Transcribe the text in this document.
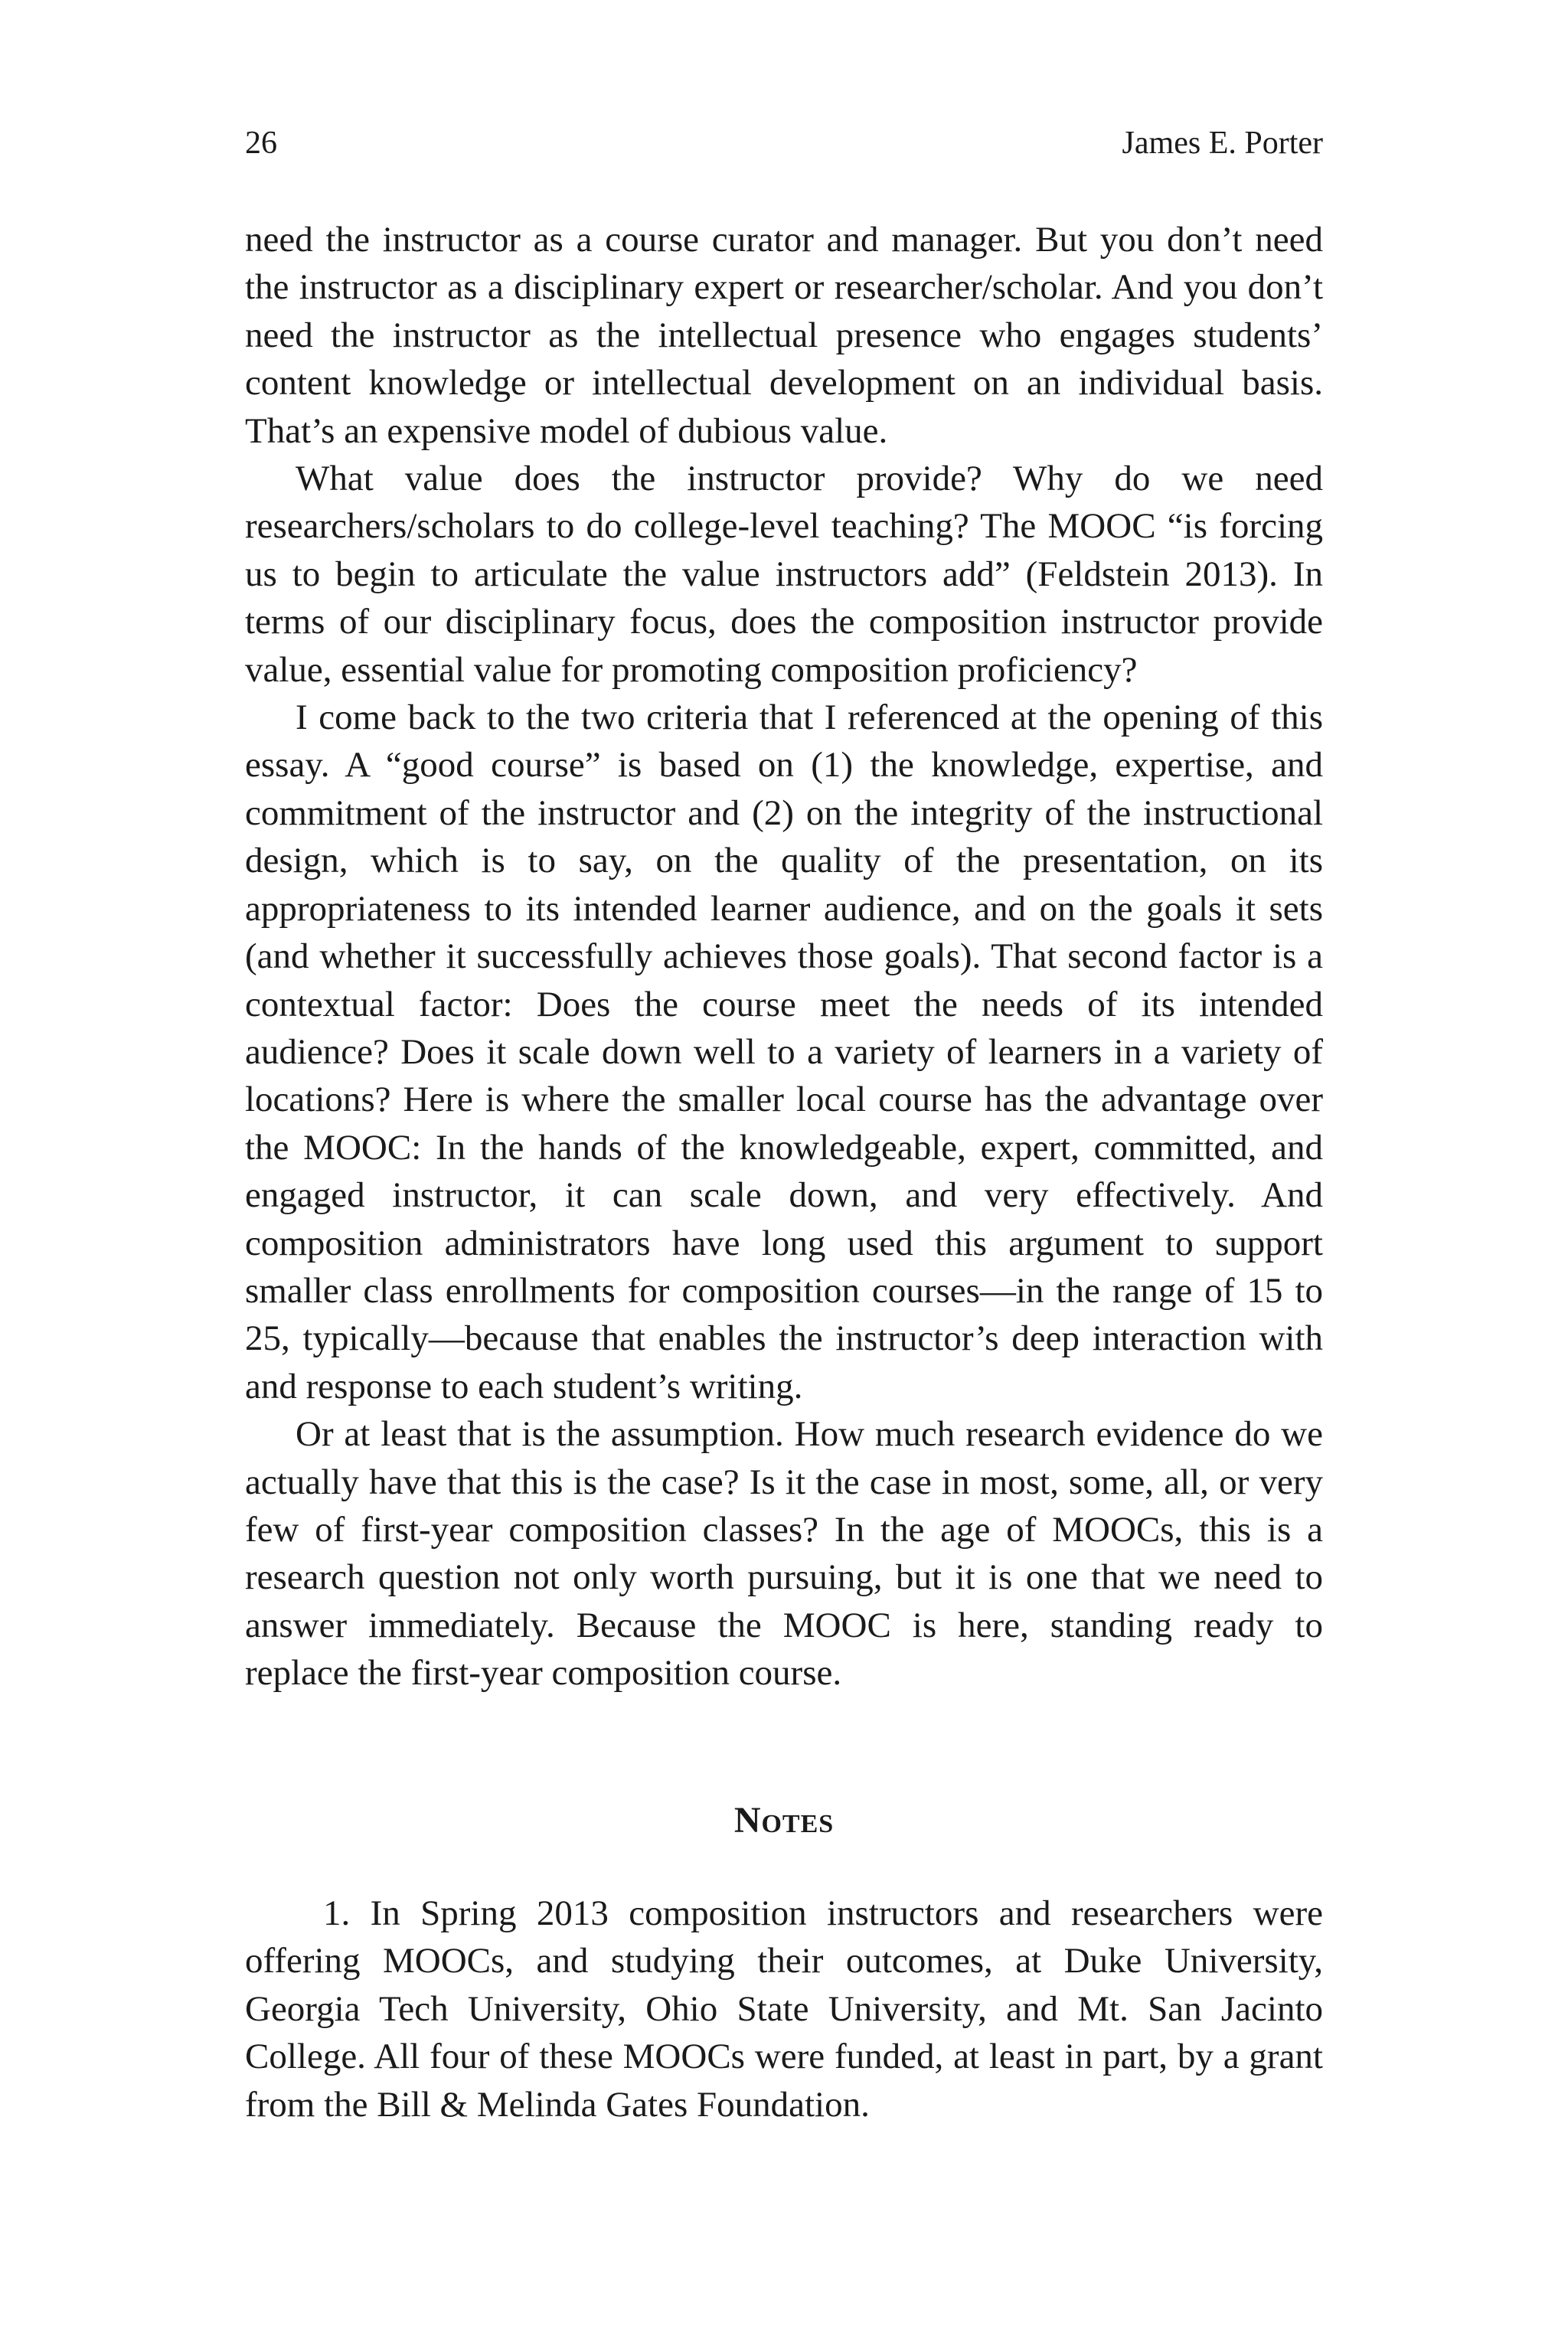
26	James E. Porter

need the instructor as a course curator and manager. But you don’t need the instructor as a disciplinary expert or researcher/scholar. And you don’t need the instructor as the intellectual presence who engages students’ content knowledge or intellectual development on an individual basis. That’s an expensive model of dubious value.

What value does the instructor provide? Why do we need researchers/scholars to do college-level teaching? The MOOC “is forcing us to begin to articulate the value instructors add” (Feldstein 2013). In terms of our disciplinary focus, does the composition instructor provide value, essential value for promoting composition proficiency?

I come back to the two criteria that I referenced at the opening of this essay. A “good course” is based on (1) the knowledge, expertise, and commitment of the instructor and (2) on the integrity of the instructional design, which is to say, on the quality of the presentation, on its appropriateness to its intended learner audience, and on the goals it sets (and whether it successfully achieves those goals). That second factor is a contextual factor: Does the course meet the needs of its intended audience? Does it scale down well to a variety of learners in a variety of locations? Here is where the smaller local course has the advantage over the MOOC: In the hands of the knowledgeable, expert, committed, and engaged instructor, it can scale down, and very effectively. And composition administrators have long used this argument to support smaller class enrollments for composition courses—in the range of 15 to 25, typically—because that enables the instructor’s deep interaction with and response to each student’s writing.

Or at least that is the assumption. How much research evidence do we actually have that this is the case? Is it the case in most, some, all, or very few of first-year composition classes? In the age of MOOCs, this is a research question not only worth pursuing, but it is one that we need to answer immediately. Because the MOOC is here, standing ready to replace the first-year composition course.

Notes

1. In Spring 2013 composition instructors and researchers were offering MOOCs, and studying their outcomes, at Duke University, Georgia Tech University, Ohio State University, and Mt. San Jacinto College. All four of these MOOCs were funded, at least in part, by a grant from the Bill & Melinda Gates Foundation.
